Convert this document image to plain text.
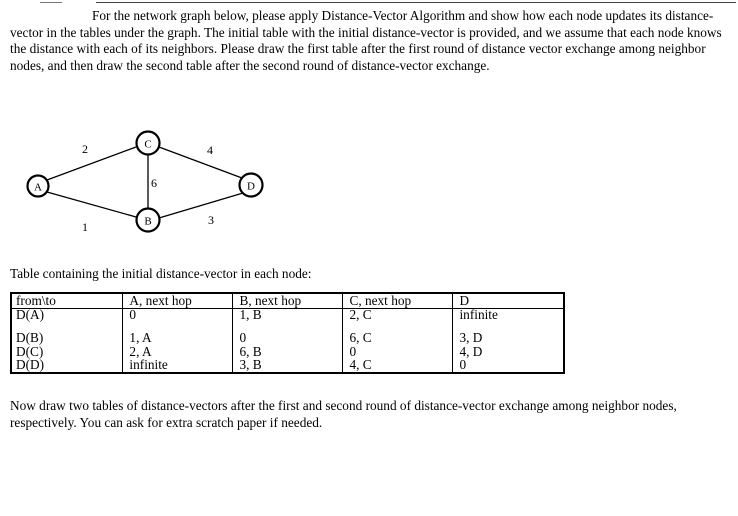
For the network graph below, please apply Distance-Vector Algorithm and show how each node updates its distance-vector in the tables under the graph. The initial table with the initial distance-vector is provided, and we assume that each node knows the distance with each of its neighbors. Please draw the first table after the first round of distance vector exchange among neighbor nodes, and then draw the second table after the second round of distance-vector exchange.
A
C
B
D
2
1
6
4
3
Table containing the initial distance-vector in each node:
from\to	A, next hop	B, next hop	C, next hop	D
D(A)	0	1, B	2, C	infinite

D(B)	1, A	0	6, C	3, D
D(C)	2, A	6, B	0	4, D
D(D)	infinite	3, B	4, C	0
Now draw two tables of distance-vectors after the first and second round of distance-vector exchange among neighbor nodes, respectively. You can ask for extra scratch paper if needed.
